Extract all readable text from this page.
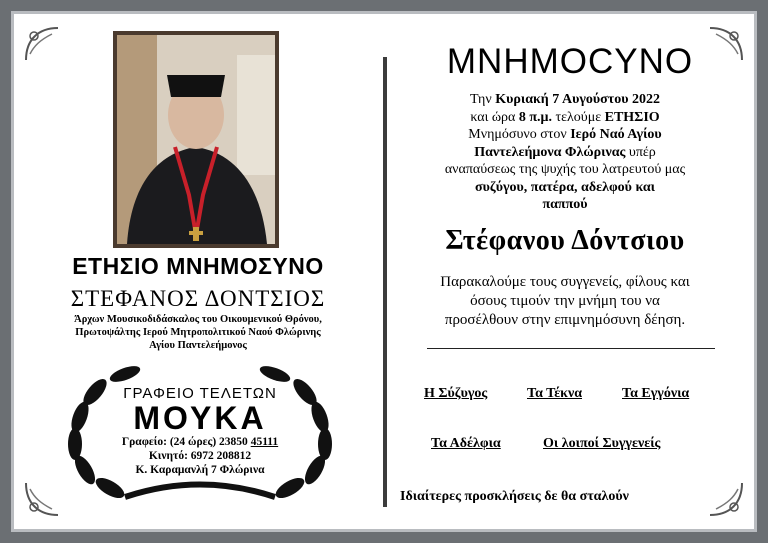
ΕΤΗΣΙΟ ΜΝΗΜΟΣΥΝΟ
ΣΤΕΦΑΝΟΣ ΔΟΝΤΣΙΟΣ
Άρχων Μουσικοδιδάσκαλος του Οικουμενικού Θρόνου,
Πρωτοψάλτης Ιερού Μητροπολιτικού Ναού Φλώρινης
Αγίου Παντελεήμονος
ΓΡΑΦΕΙΟ ΤΕΛΕΤΩΝ
ΜΟΥΚΑ
Γραφείο: (24 ώρες) 23850 45111
Κινητό: 6972 208812
Κ. Καραμανλή 7 Φλώρινα
ΜΝΗΜΟCΥΝΟ
Την Κυριακή 7 Αυγούστου 2022
και ώρα 8 π.μ. τελούμε ΕΤΗΣΙΟ
Μνημόσυνο στον Ιερό Ναό Αγίου
Παντελεήμονα Φλώρινας υπέρ
αναπαύσεως της ψυχής του λατρευτού μας
συζύγου, πατέρα, αδελφού και
παππού
Στέφανου Δόντσιου
Παρακαλούμε τους συγγενείς, φίλους και
όσους τιμούν την μνήμη του να
προσέλθουν στην επιμνημόσυνη δέηση.
Η Σύζυγος	Τα Τέκνα	Τα Εγγόνια
Τα Αδέλφια	Οι λοιποί Συγγενείς
Ιδιαίτερες προσκλήσεις δε θα σταλούν
